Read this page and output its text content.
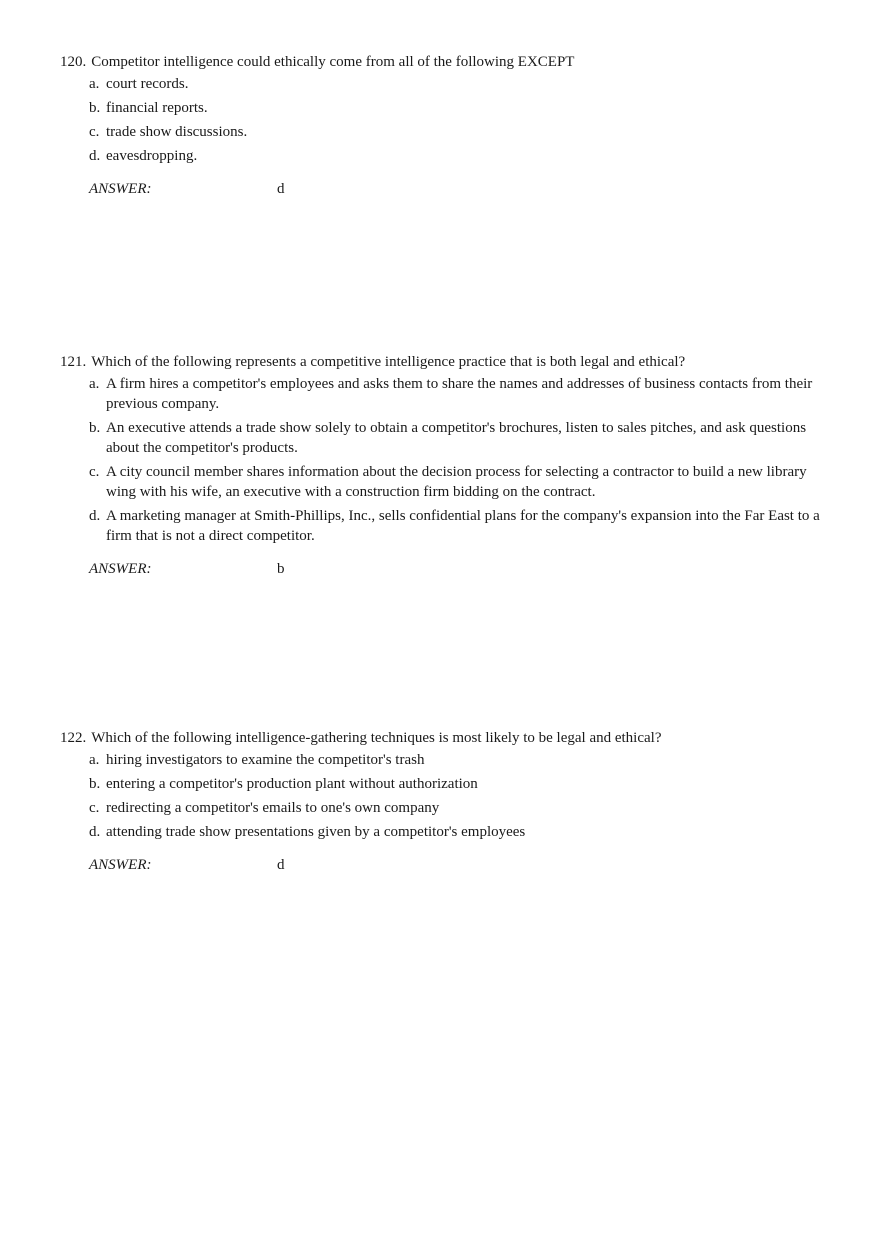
120. Competitor intelligence could ethically come from all of the following EXCEPT

a. court records.
b. financial reports.
c. trade show discussions.
d. eavesdropping.
ANSWER:	d

121. Which of the following represents a competitive intelligence practice that is both legal and ethical?

a. A firm hires a competitor's employees and asks them to share the names and addresses of business contacts from their previous company.
b. An executive attends a trade show solely to obtain a competitor's brochures, listen to sales pitches, and ask questions about the competitor's products.
c. A city council member shares information about the decision process for selecting a contractor to build a new library wing with his wife, an executive with a construction firm bidding on the contract.
d. A marketing manager at Smith-Phillips, Inc., sells confidential plans for the company's expansion into the Far East to a firm that is not a direct competitor.
ANSWER:	b

122. Which of the following intelligence-gathering techniques is most likely to be legal and ethical?

a. hiring investigators to examine the competitor's trash
b. entering a competitor's production plant without authorization
c. redirecting a competitor's emails to one's own company
d. attending trade show presentations given by a competitor's employees
ANSWER:	d
